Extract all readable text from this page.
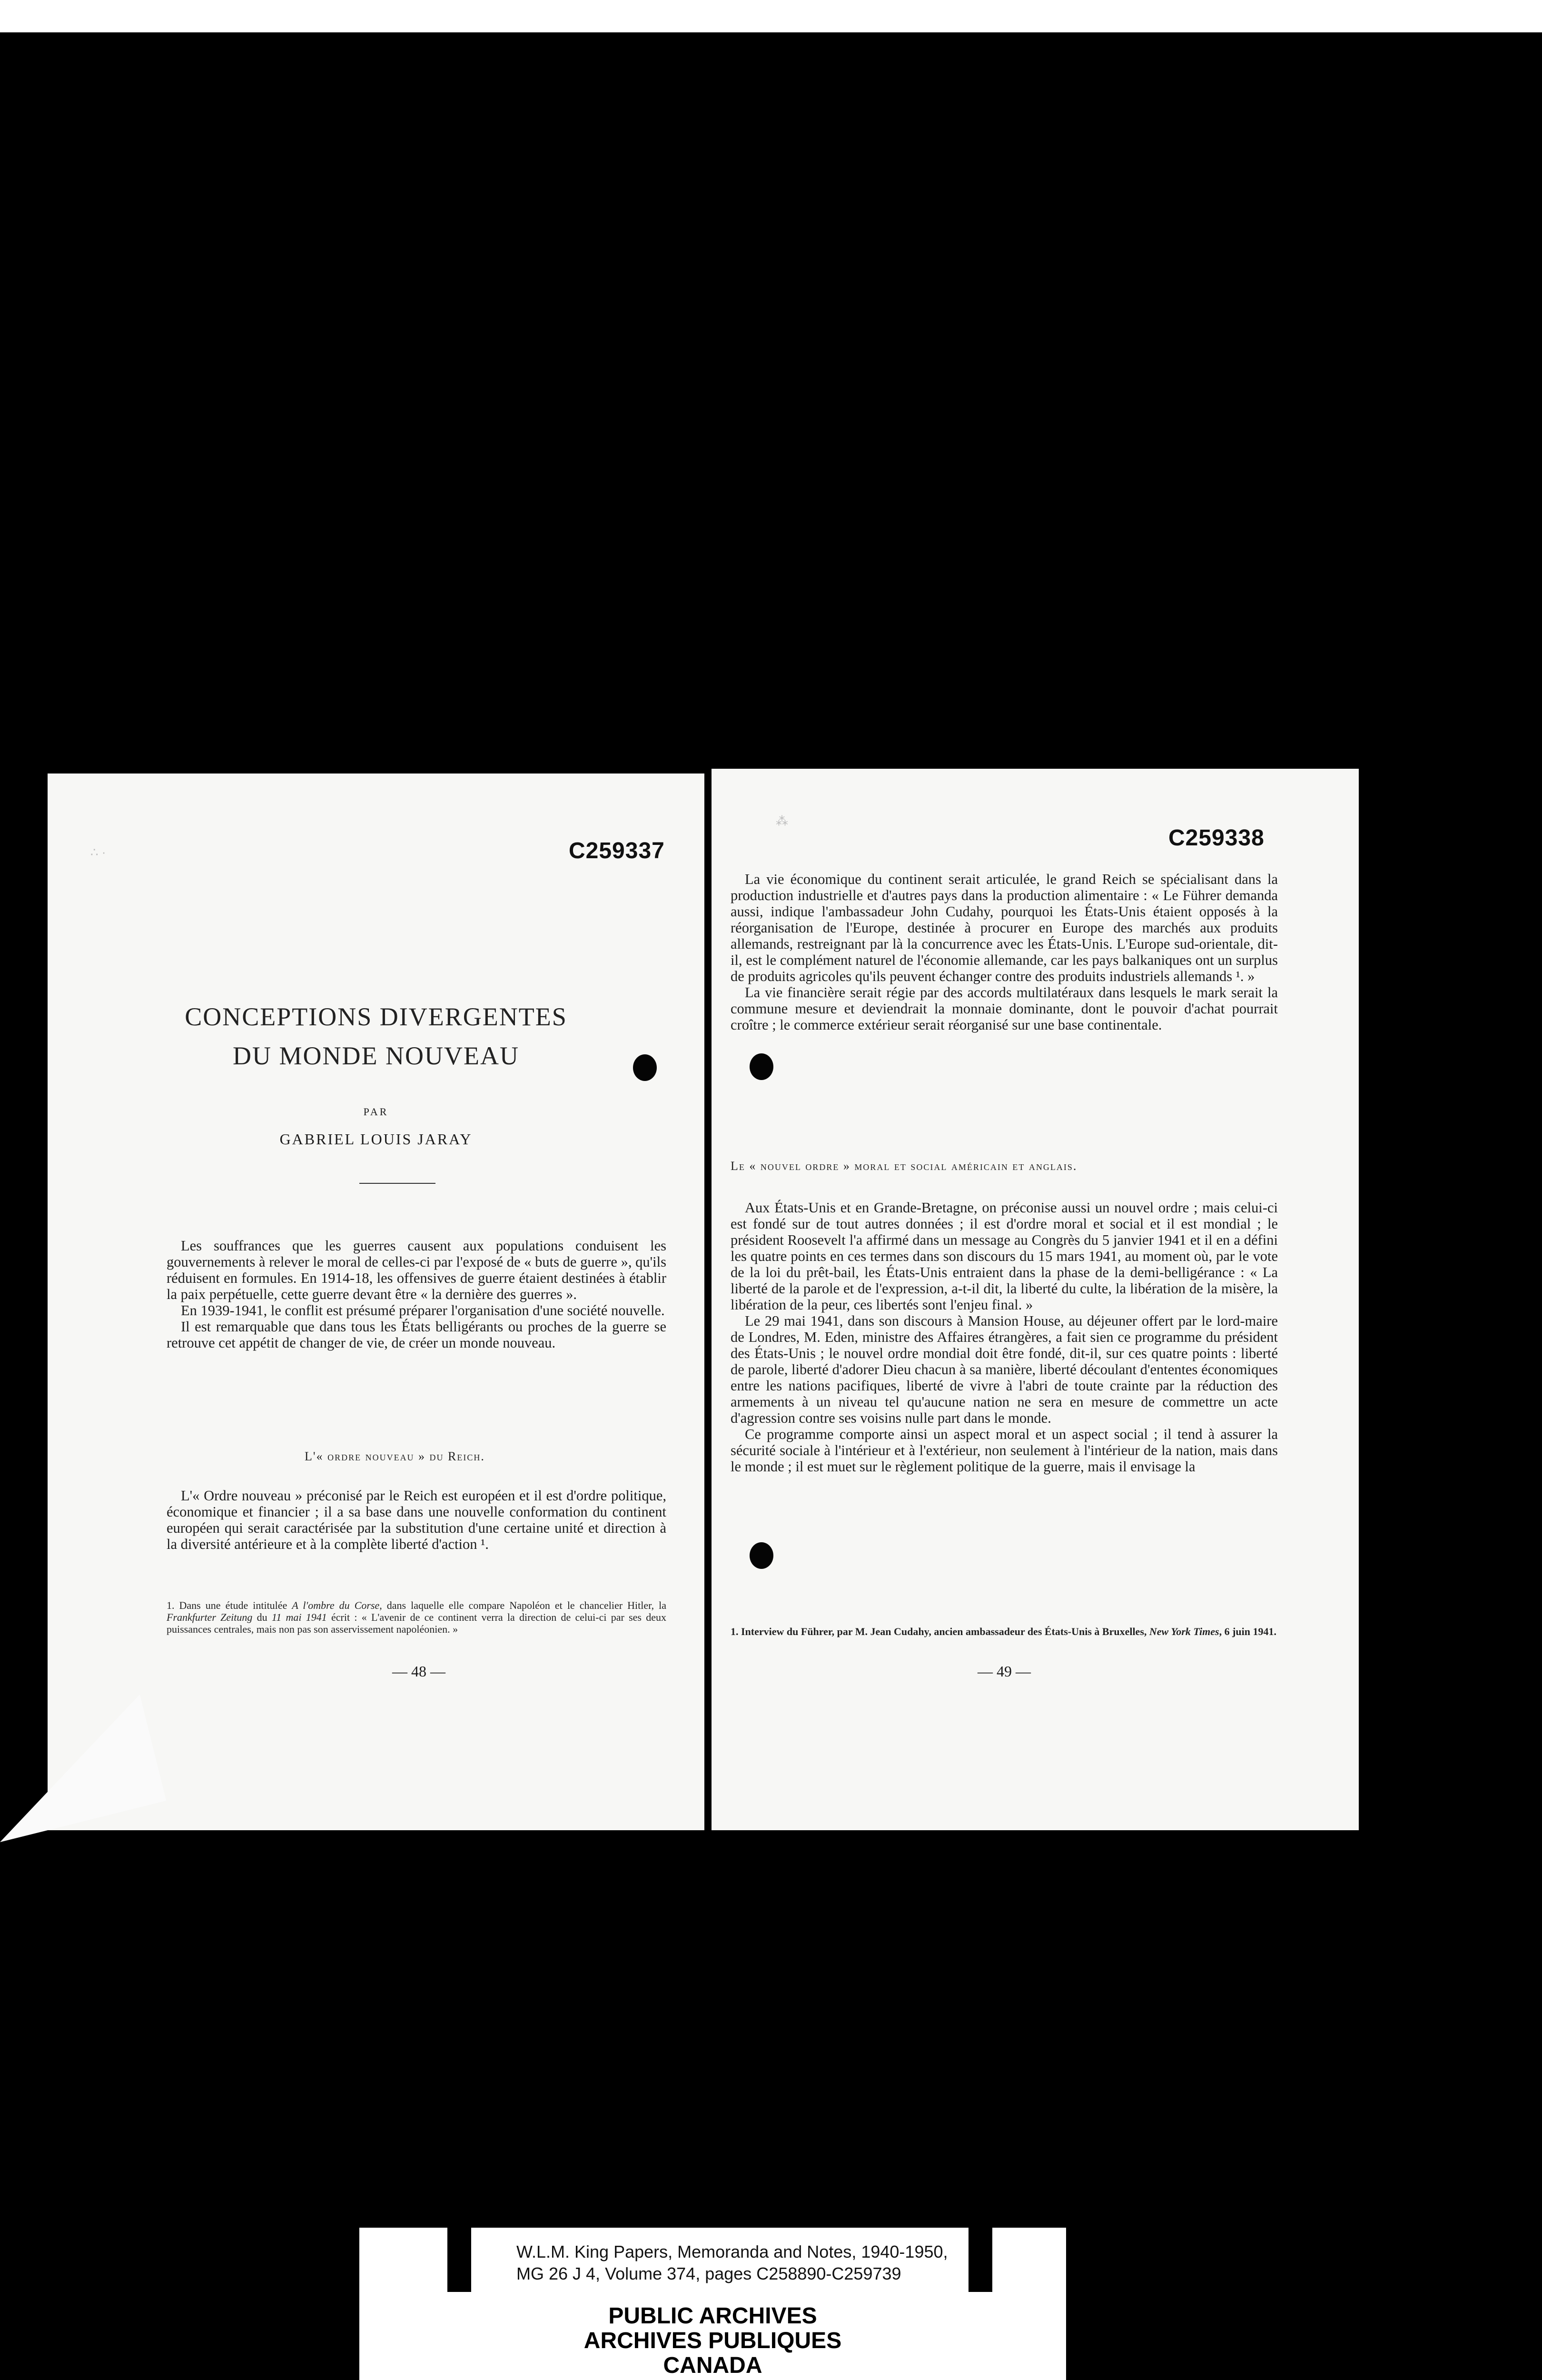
∴ ·	C259337
CONCEPTIONS DIVERGENTES
DU MONDE NOUVEAU
PAR
GABRIEL LOUIS JARAY

Les souffrances que les guerres causent aux populations conduisent les gouvernements à relever le moral de celles-ci par l'exposé de « buts de guerre », qu'ils réduisent en formules. En 1914-18, les offensives de guerre étaient destinées à établir la paix perpétuelle, cette guerre devant être « la dernière des guerres ».

En 1939-1941, le conflit est présumé préparer l'organisation d'une société nouvelle.

Il est remarquable que dans tous les États belligérants ou proches de la guerre se retrouve cet appétit de changer de vie, de créer un monde nouveau.

L'« ordre nouveau » du Reich.

L'« Ordre nouveau » préconisé par le Reich est européen et il est d'ordre politique, économique et financier ; il a sa base dans une nouvelle conformation du continent européen qui serait caractérisée par la substitution d'une certaine unité et direction à la diversité antérieure et à la complète liberté d'action ¹.

1. Dans une étude intitulée A l'ombre du Corse, dans laquelle elle compare Napoléon et le chancelier Hitler, la Frankfurter Zeitung du 11 mai 1941 écrit : « L'avenir de ce continent verra la direction de celui-ci par ses deux puissances centrales, mais non pas son asservissement napoléonien. »
— 48 —
⁂
C259338

La vie économique du continent serait articulée, le grand Reich se spécialisant dans la production industrielle et d'autres pays dans la production alimentaire : « Le Führer demanda aussi, indique l'ambassadeur John Cudahy, pourquoi les États-Unis étaient opposés à la réorganisation de l'Europe, destinée à procurer en Europe des marchés aux produits allemands, restreignant par là la concurrence avec les États-Unis. L'Europe sud-orientale, dit-il, est le complément naturel de l'économie allemande, car les pays balkaniques ont un surplus de produits agricoles qu'ils peuvent échanger contre des produits industriels allemands ¹. »

La vie financière serait régie par des accords multilatéraux dans lesquels le mark serait la commune mesure et deviendrait la monnaie dominante, dont le pouvoir d'achat pourrait croître ; le commerce extérieur serait réorganisé sur une base continentale.

Le « nouvel ordre » moral et social américain et anglais.

Aux États-Unis et en Grande-Bretagne, on préconise aussi un nouvel ordre ; mais celui-ci est fondé sur de tout autres données ; il est d'ordre moral et social et il est mondial ; le président Roosevelt l'a affirmé dans un message au Congrès du 5 janvier 1941 et il en a défini les quatre points en ces termes dans son discours du 15 mars 1941, au moment où, par le vote de la loi du prêt-bail, les États-Unis entraient dans la phase de la demi-belligérance : « La liberté de la parole et de l'expression, a-t-il dit, la liberté du culte, la libération de la misère, la libération de la peur, ces libertés sont l'enjeu final. »

Le 29 mai 1941, dans son discours à Mansion House, au déjeuner offert par le lord-maire de Londres, M. Eden, ministre des Affaires étrangères, a fait sien ce programme du président des États-Unis ; le nouvel ordre mondial doit être fondé, dit-il, sur ces quatre points : liberté de parole, liberté d'adorer Dieu chacun à sa manière, liberté découlant d'ententes économiques entre les nations pacifiques, liberté de vivre à l'abri de toute crainte par la réduction des armements à un niveau tel qu'aucune nation ne sera en mesure de commettre un acte d'agression contre ses voisins nulle part dans le monde.

Ce programme comporte ainsi un aspect moral et un aspect social ; il tend à assurer la sécurité sociale à l'intérieur et à l'extérieur, non seulement à l'intérieur de la nation, mais dans le monde ; il est muet sur le règlement politique de la guerre, mais il envisage la

1. Interview du Führer, par M. Jean Cudahy, ancien ambassadeur des États-Unis à Bruxelles, New York Times, 6 juin 1941.
— 49 —
W.L.M. King Papers, Memoranda and Notes, 1940-1950,
MG 26 J 4, Volume 374, pages C258890-C259739
PUBLIC ARCHIVES
ARCHIVES PUBLIQUES
CANADA
